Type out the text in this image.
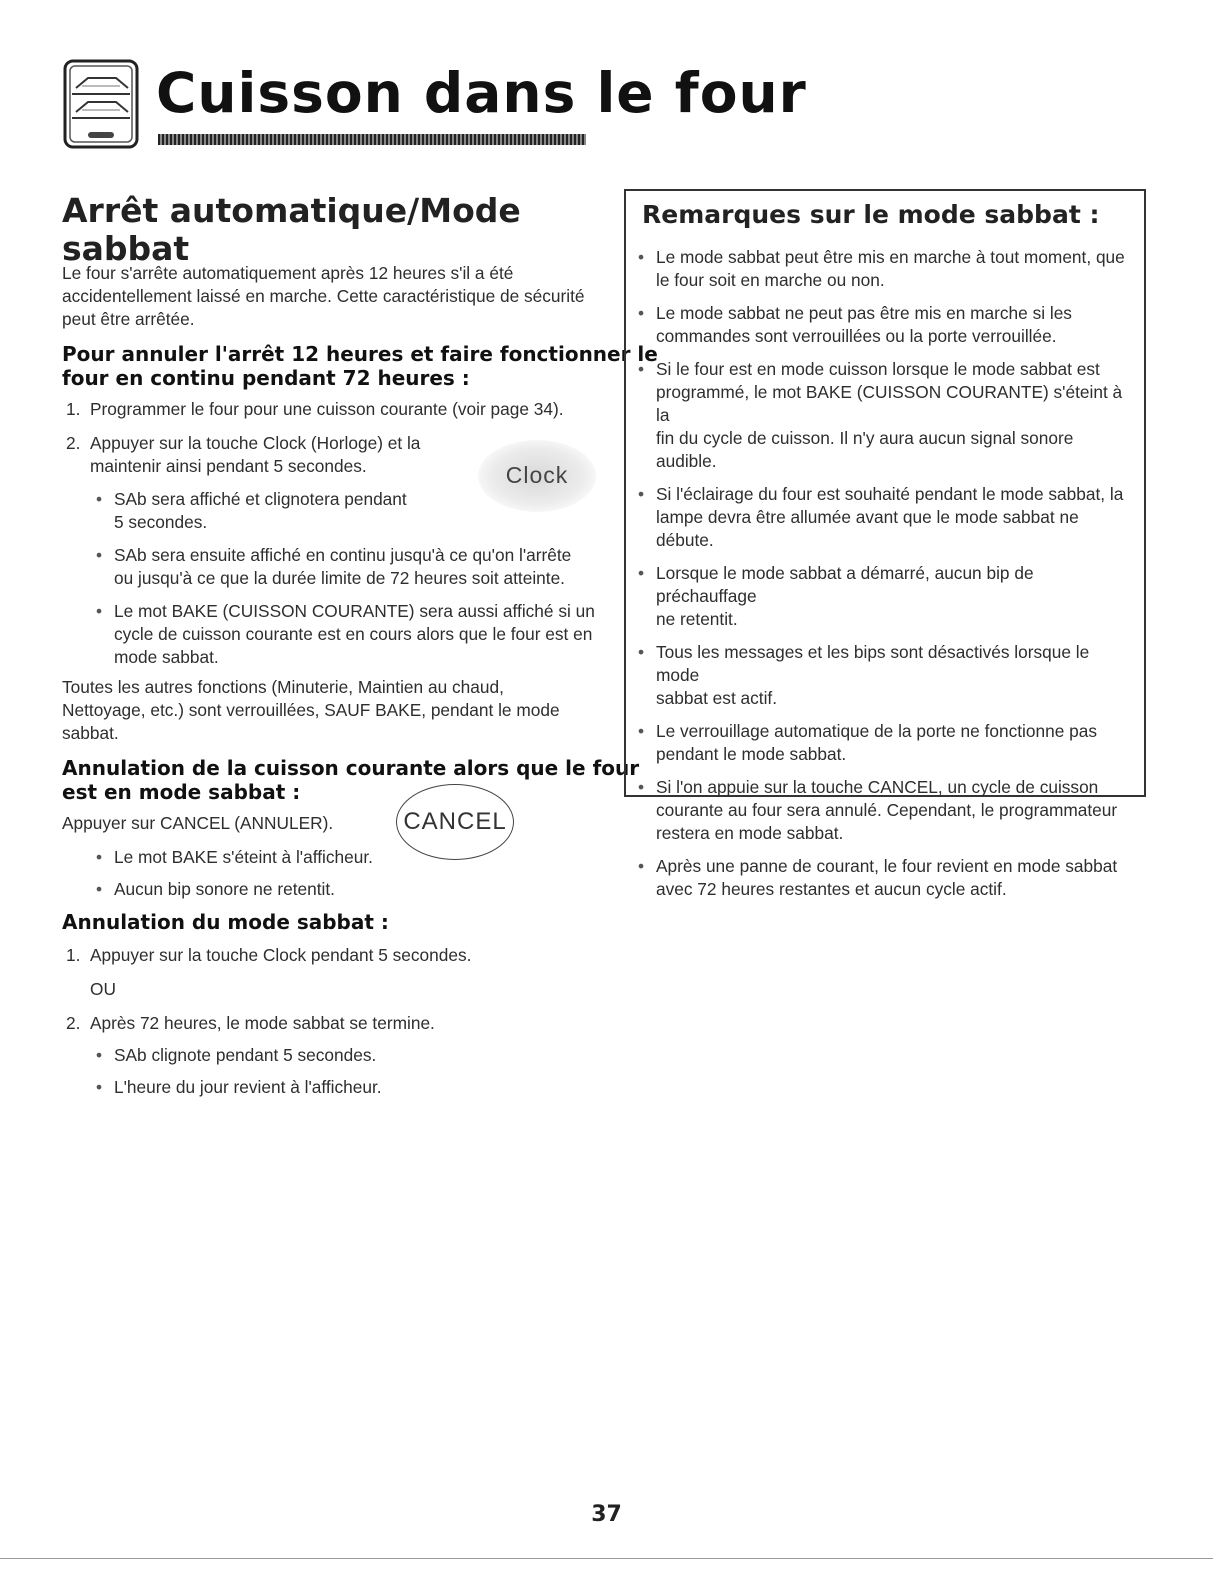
Cuisson dans le four
Arrêt automatique/Mode
sabbat
Le four s'arrête automatiquement après 12 heures s'il a été
accidentellement laissé en marche. Cette caractéristique de sécurité
peut être arrêtée.
Pour annuler l'arrêt 12 heures et faire fonctionner le
four en continu pendant 72 heures :
1. Programmer le four pour une cuisson courante (voir page 34).
2. Appuyer sur la touche Clock (Horloge) et la
maintenir ainsi pendant 5 secondes.	Clock
• SAb sera affiché et clignotera pendant
5 secondes.
• SAb sera ensuite affiché en continu jusqu'à ce qu'on l'arrête
ou jusqu'à ce que la durée limite de 72 heures soit atteinte.
• Le mot BAKE (CUISSON COURANTE) sera aussi affiché si un
cycle de cuisson courante est en cours alors que le four est en
mode sabbat.
Toutes les autres fonctions (Minuterie, Maintien au chaud,
Nettoyage, etc.) sont verrouillées, SAUF BAKE, pendant le mode
sabbat.
Annulation de la cuisson courante alors que le four
est en mode sabbat :
Appuyer sur CANCEL (ANNULER).	CANCEL
• Le mot BAKE s'éteint à l'afficheur.
• Aucun bip sonore ne retentit.
Annulation du mode sabbat :
1. Appuyer sur la touche Clock pendant 5 secondes.
OU
2. Après 72 heures, le mode sabbat se termine.
• SAb clignote pendant 5 secondes.
• L'heure du jour revient à l'afficheur.
Remarques sur le mode sabbat :
• Le mode sabbat peut être mis en marche à tout moment, que
le four soit en marche ou non.
• Le mode sabbat ne peut pas être mis en marche si les
commandes sont verrouillées ou la porte verrouillée.
• Si le four est en mode cuisson lorsque le mode sabbat est
programmé, le mot BAKE (CUISSON COURANTE) s'éteint à la
fin du cycle de cuisson. Il n'y aura aucun signal sonore audible.
• Si l'éclairage du four est souhaité pendant le mode sabbat, la
lampe devra être allumée avant que le mode sabbat ne débute.
• Lorsque le mode sabbat a démarré, aucun bip de préchauffage
ne retentit.
• Tous les messages et les bips sont désactivés lorsque le mode
sabbat est actif.
• Le verrouillage automatique de la porte ne fonctionne pas
pendant le mode sabbat.
• Si l'on appuie sur la touche CANCEL, un cycle de cuisson
courante au four sera annulé. Cependant, le programmateur
restera en mode sabbat.
• Après une panne de courant, le four revient en mode sabbat
avec 72 heures restantes et aucun cycle actif.
37
